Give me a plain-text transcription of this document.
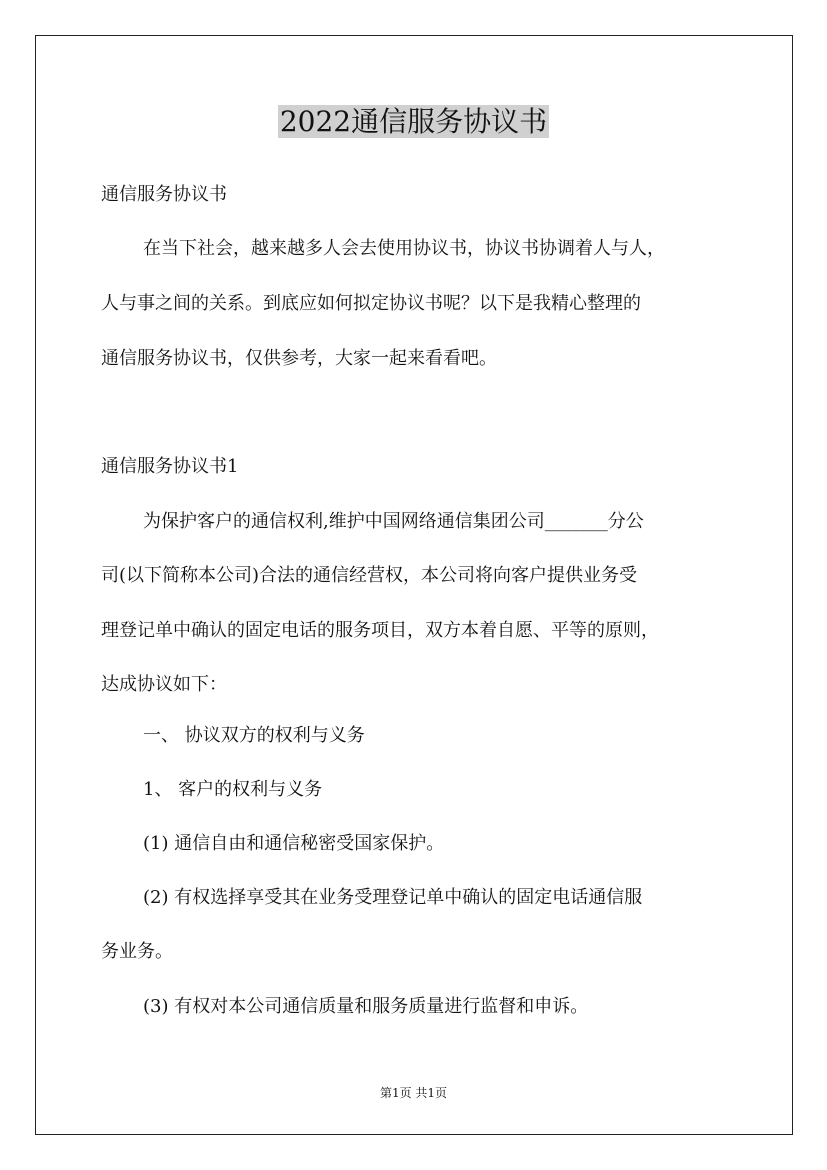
2022通信服务协议书
通信服务协议书
在当下社会，越来越多人会去使用协议书，协议书协调着人与人，
人与事之间的关系。到底应如何拟定协议书呢？以下是我精心整理的
通信服务协议书，仅供参考，大家一起来看看吧。
通信服务协议书1
为保护客户的通信权利,维护中国网络通信集团公司_______分公
司(以下简称本公司)合法的通信经营权，本公司将向客户提供业务受
理登记单中确认的固定电话的服务项目，双方本着自愿、平等的原则，
达成协议如下：
一、 协议双方的权利与义务
1、 客户的权利与义务
(1) 通信自由和通信秘密受国家保护。
(2) 有权选择享受其在业务受理登记单中确认的固定电话通信服
务业务。
(3) 有权对本公司通信质量和服务质量进行监督和申诉。
第1页 共1页
